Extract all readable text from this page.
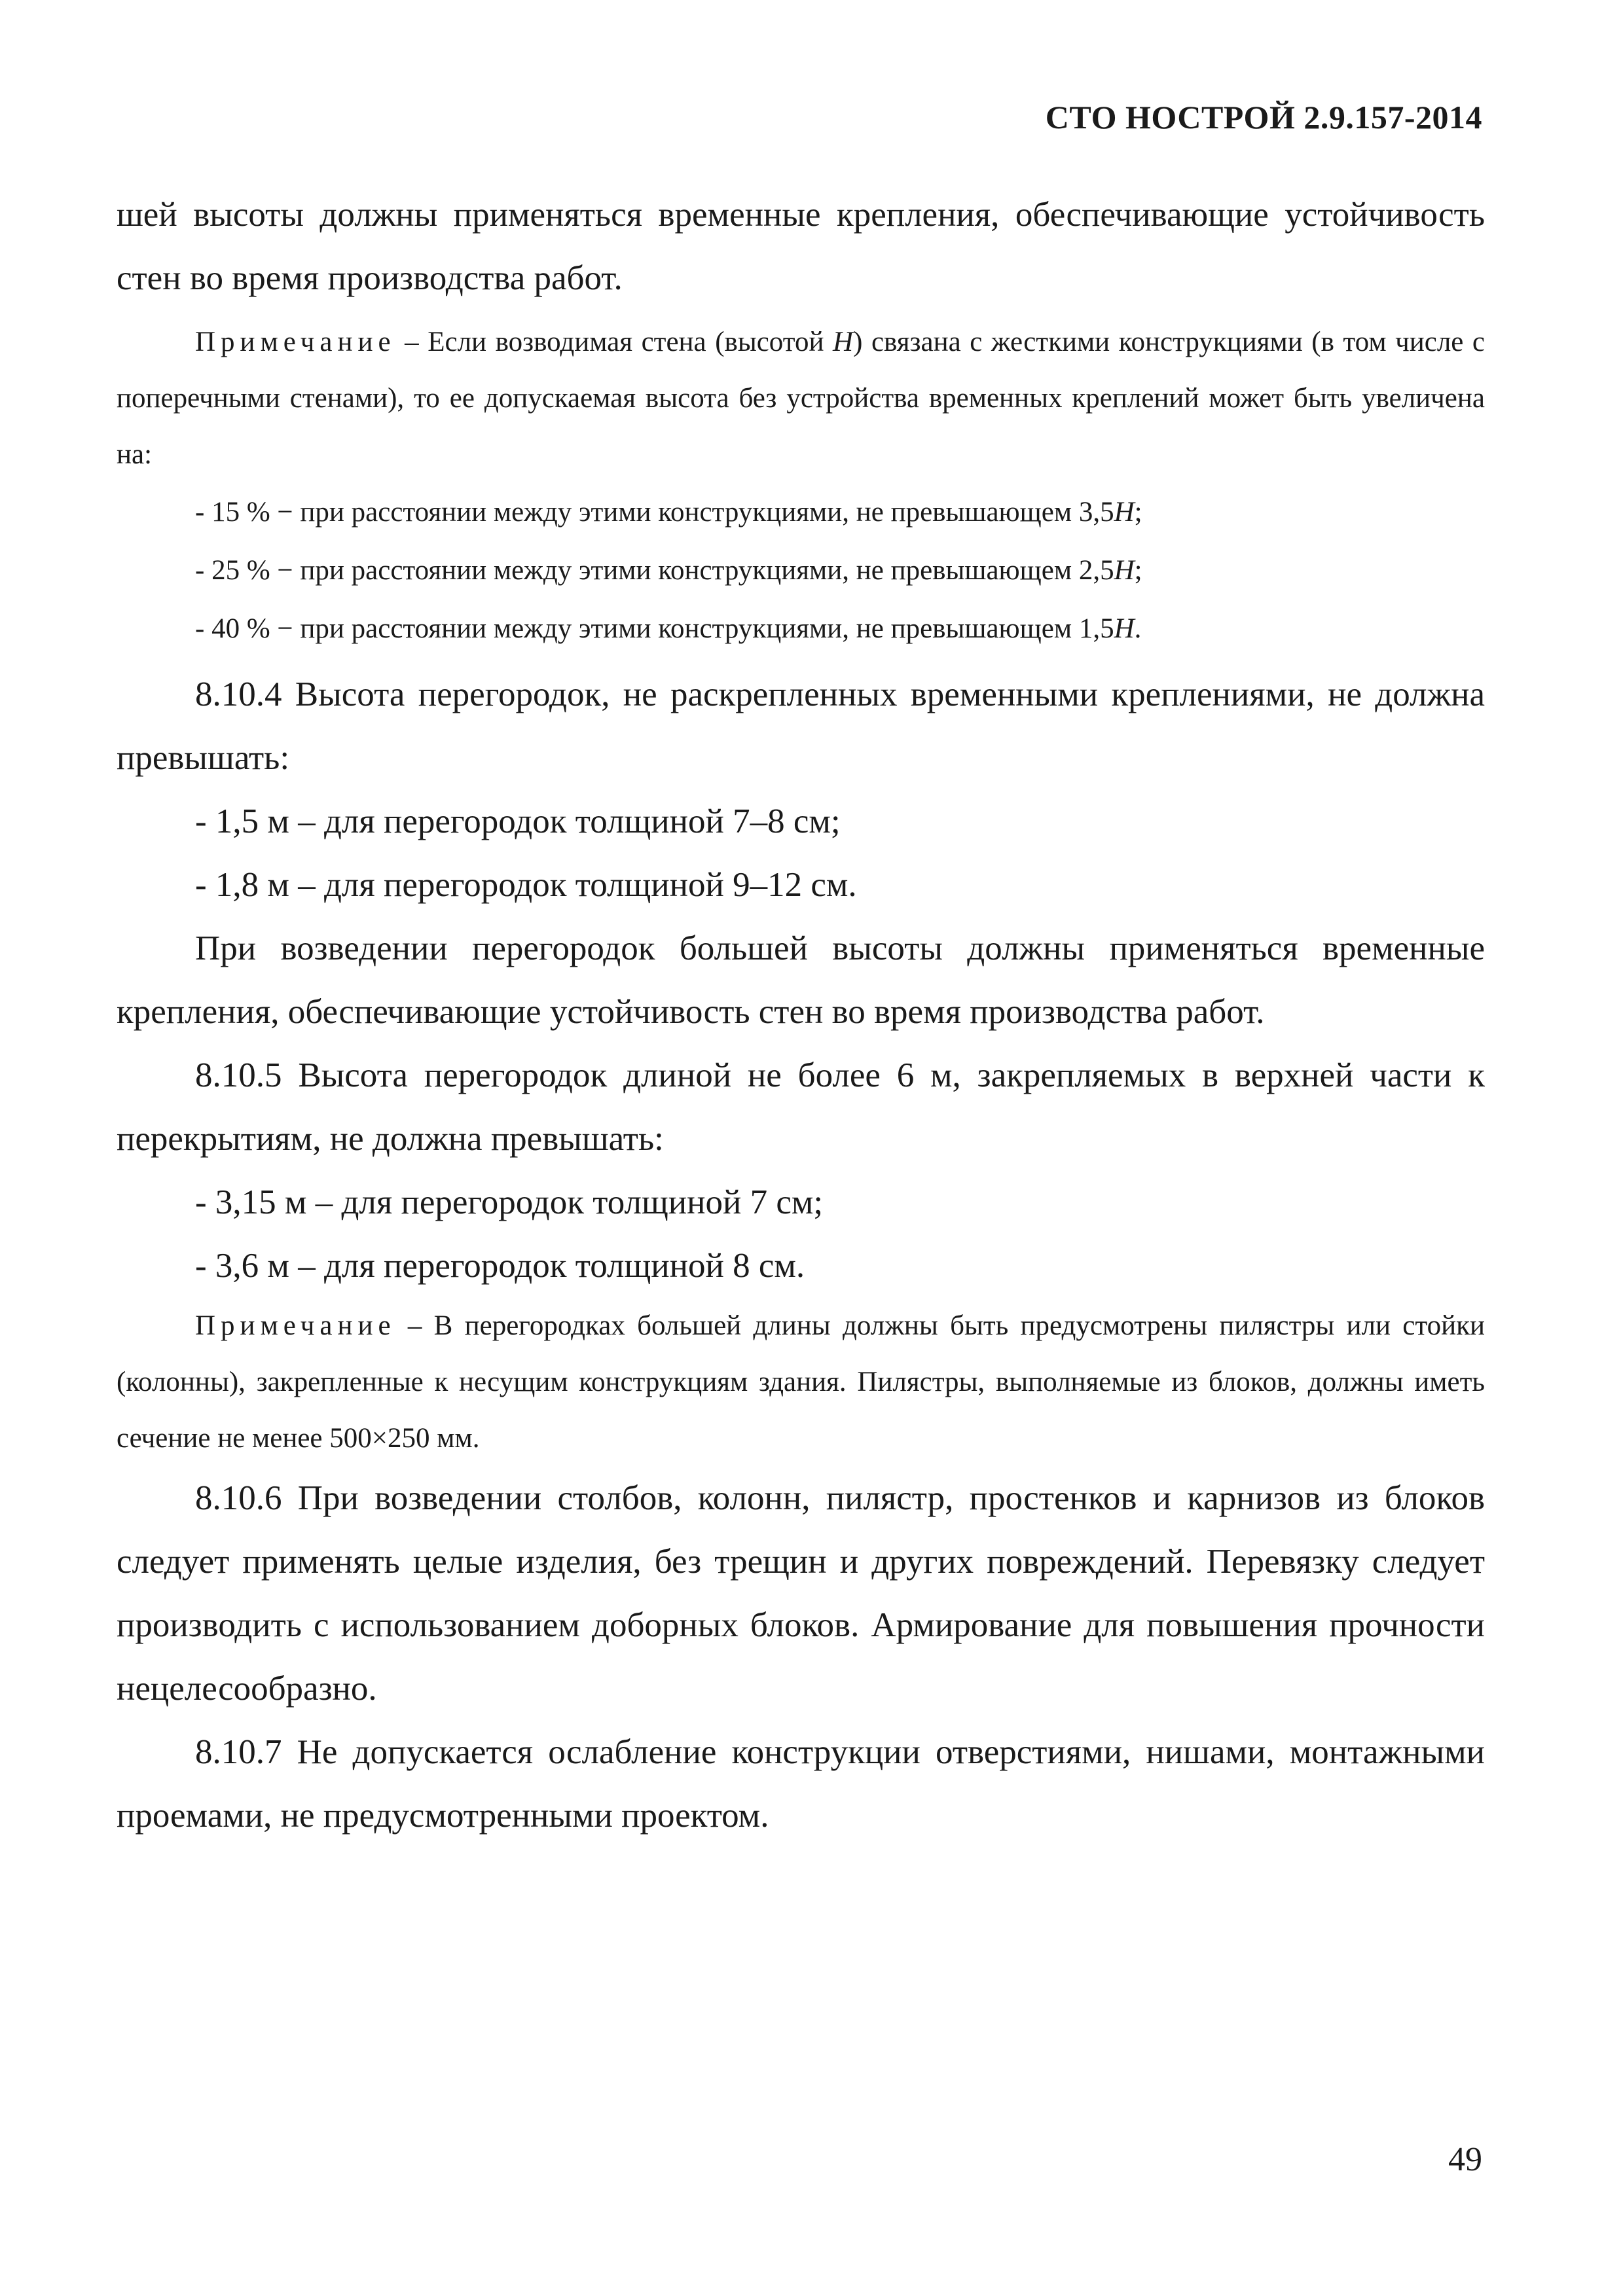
СТО НОСТРОЙ 2.9.157-2014

шей высоты должны применяться временные крепления, обеспечивающие устойчивость стен во время производства работ.

Примечание – Если возводимая стена (высотой H) связана с жесткими конструкциями (в том числе с поперечными стенами), то ее допускаемая высота без устройства временных креплений может быть увеличена на:

- 15 % − при расстоянии между этими конструкциями, не превышающем 3,5H;

- 25 % − при расстоянии между этими конструкциями, не превышающем 2,5H;

- 40 % − при расстоянии между этими конструкциями, не превышающем 1,5H.

8.10.4 Высота перегородок, не раскрепленных временными креплениями, не должна превышать:

- 1,5 м – для перегородок толщиной 7–8 см;

- 1,8 м – для перегородок толщиной 9–12 см.

При возведении перегородок большей высоты должны применяться временные крепления, обеспечивающие устойчивость стен во время производства работ.

8.10.5 Высота перегородок длиной не более 6 м, закрепляемых в верхней части к перекрытиям, не должна превышать:

- 3,15 м – для перегородок толщиной 7 см;

- 3,6 м – для перегородок толщиной 8 см.

Примечание – В перегородках большей длины должны быть предусмотрены пилястры или стойки (колонны), закрепленные к несущим конструкциям здания. Пилястры, выполняемые из блоков, должны иметь сечение не менее 500×250 мм.

8.10.6 При возведении столбов, колонн, пилястр, простенков и карнизов из блоков следует применять целые изделия, без трещин и других повреждений. Перевязку следует производить с использованием доборных блоков. Армирование для повышения прочности нецелесообразно.

8.10.7 Не допускается ослабление конструкции отверстиями, нишами, монтажными проемами, не предусмотренными проектом.

49
